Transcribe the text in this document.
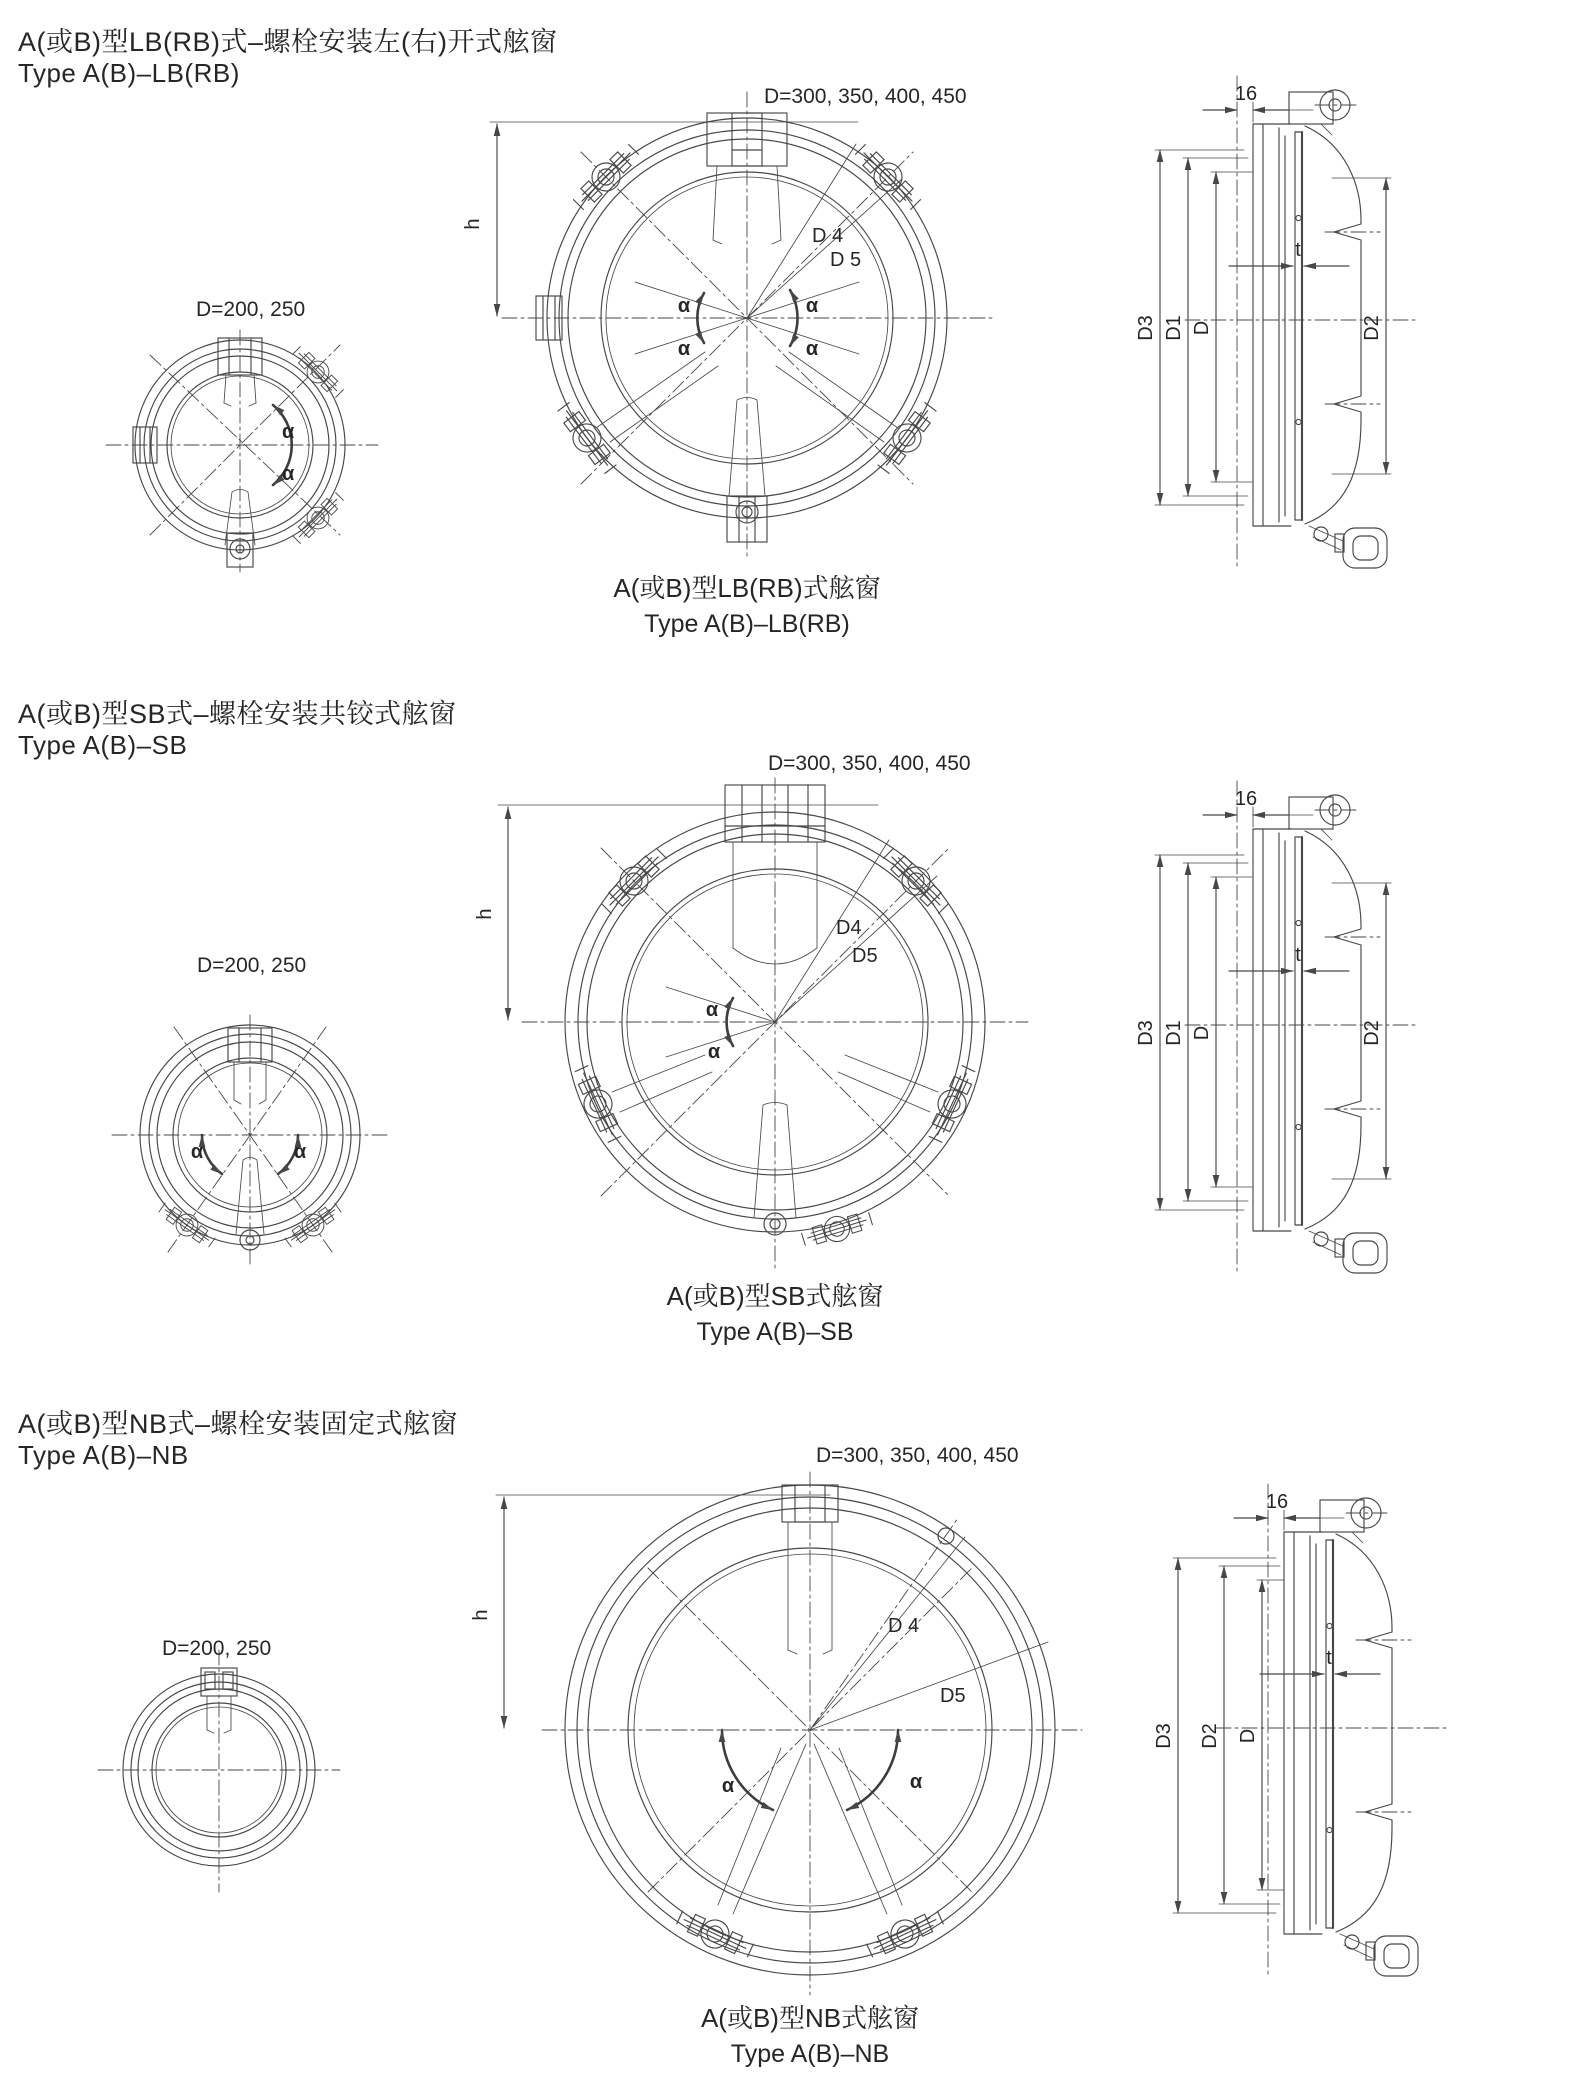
A(或B)型LB(RB)式–螺栓安装左(右)开式舷窗
Type A(B)–LB(RB)
A(或B)型SB式–螺栓安装共铰式舷窗
Type A(B)–SB
A(或B)型NB式–螺栓安装固定式舷窗
Type A(B)–NB
A(或B)型LB(RB)式舷窗
Type A(B)–LB(RB)
A(或B)型SB式舷窗
Type A(B)–SB
A(或B)型NB式舷窗
Type A(B)–NB
D=200, 250
α
α
D=300, 350, 400, 450
h
D 4
D 5
α
α
α
α
16
t
D3 D1 D	D2
D=200, 250
α	α
D=300, 350, 400, 450
h
D4
D5
α
α
16
t
D3 D1 D	D2
D=200, 250
D=300, 350, 400, 450
h	D 4
D5
α	α
16
t
D3 D2 D
